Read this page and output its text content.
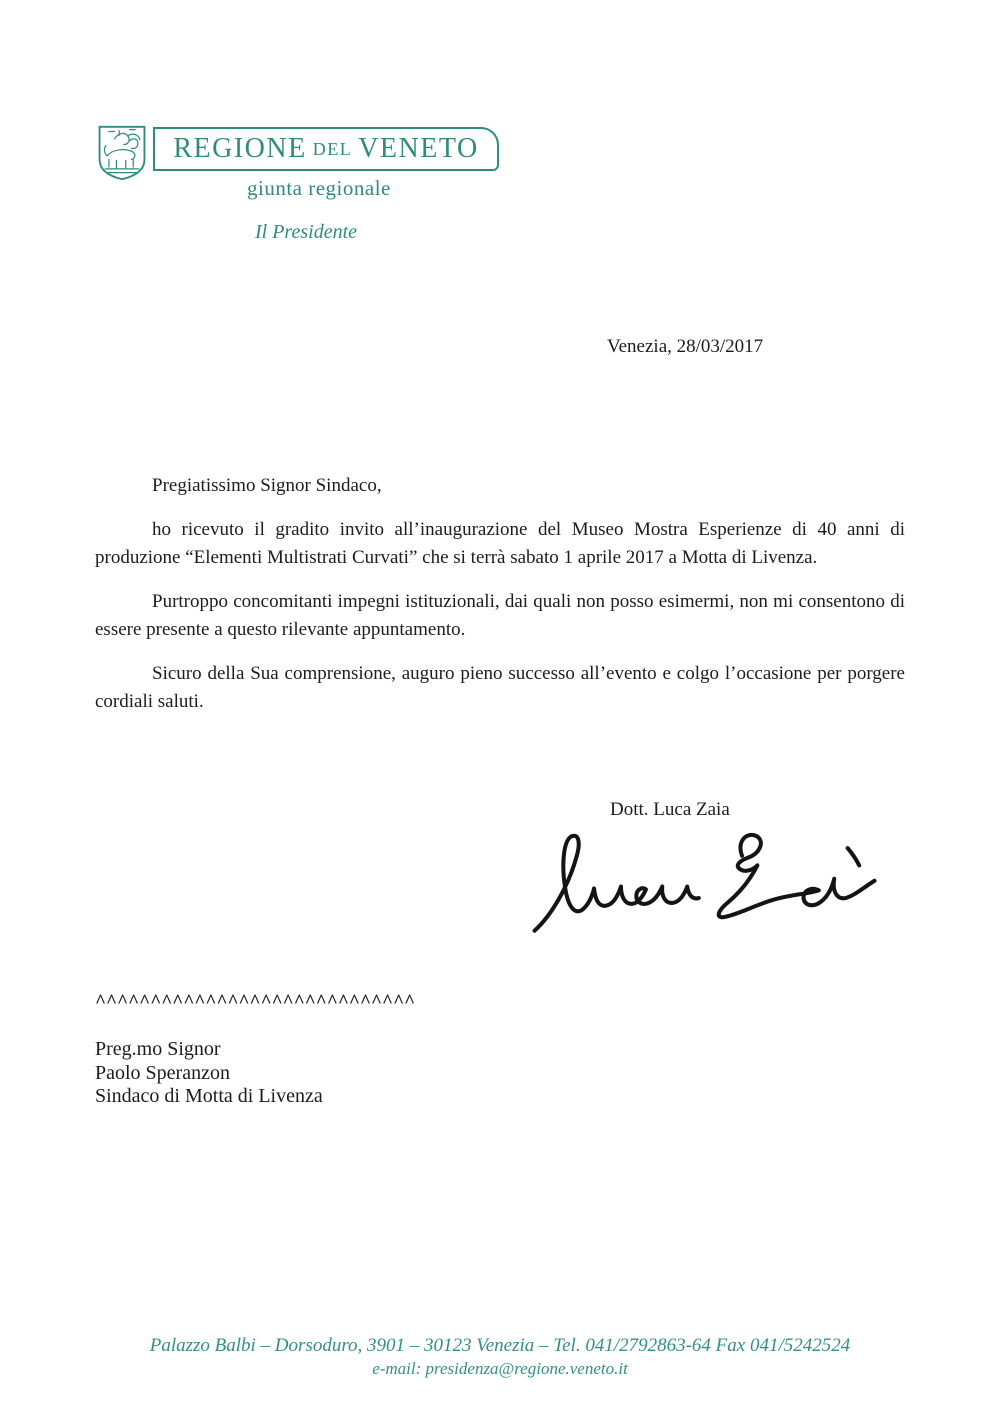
REGIONE DEL VENETO
giunta regionale
Il Presidente
Venezia, 28/03/2017

Pregiatissimo Signor Sindaco,

ho ricevuto il gradito invito all’inaugurazione del Museo Mostra Esperienze di 40 anni di produzione “Elementi Multistrati Curvati” che si terrà sabato 1 aprile 2017 a Motta di Livenza.

Purtroppo concomitanti impegni istituzionali, dai quali non posso esimermi, non mi consentono di essere presente a questo rilevante appuntamento.

Sicuro della Sua comprensione, auguro pieno successo all’evento e colgo l’occasione per porgere cordiali saluti.

Dott. Luca Zaia
^^^^^^^^^^^^^^^^^^^^^^^^^^^^^
Preg.mo Signor
Paolo Speranzon
Sindaco di Motta di Livenza
Palazzo Balbi – Dorsoduro, 3901 – 30123 Venezia – Tel. 041/2792863-64 Fax 041/5242524
e-mail: presidenza@regione.veneto.it
